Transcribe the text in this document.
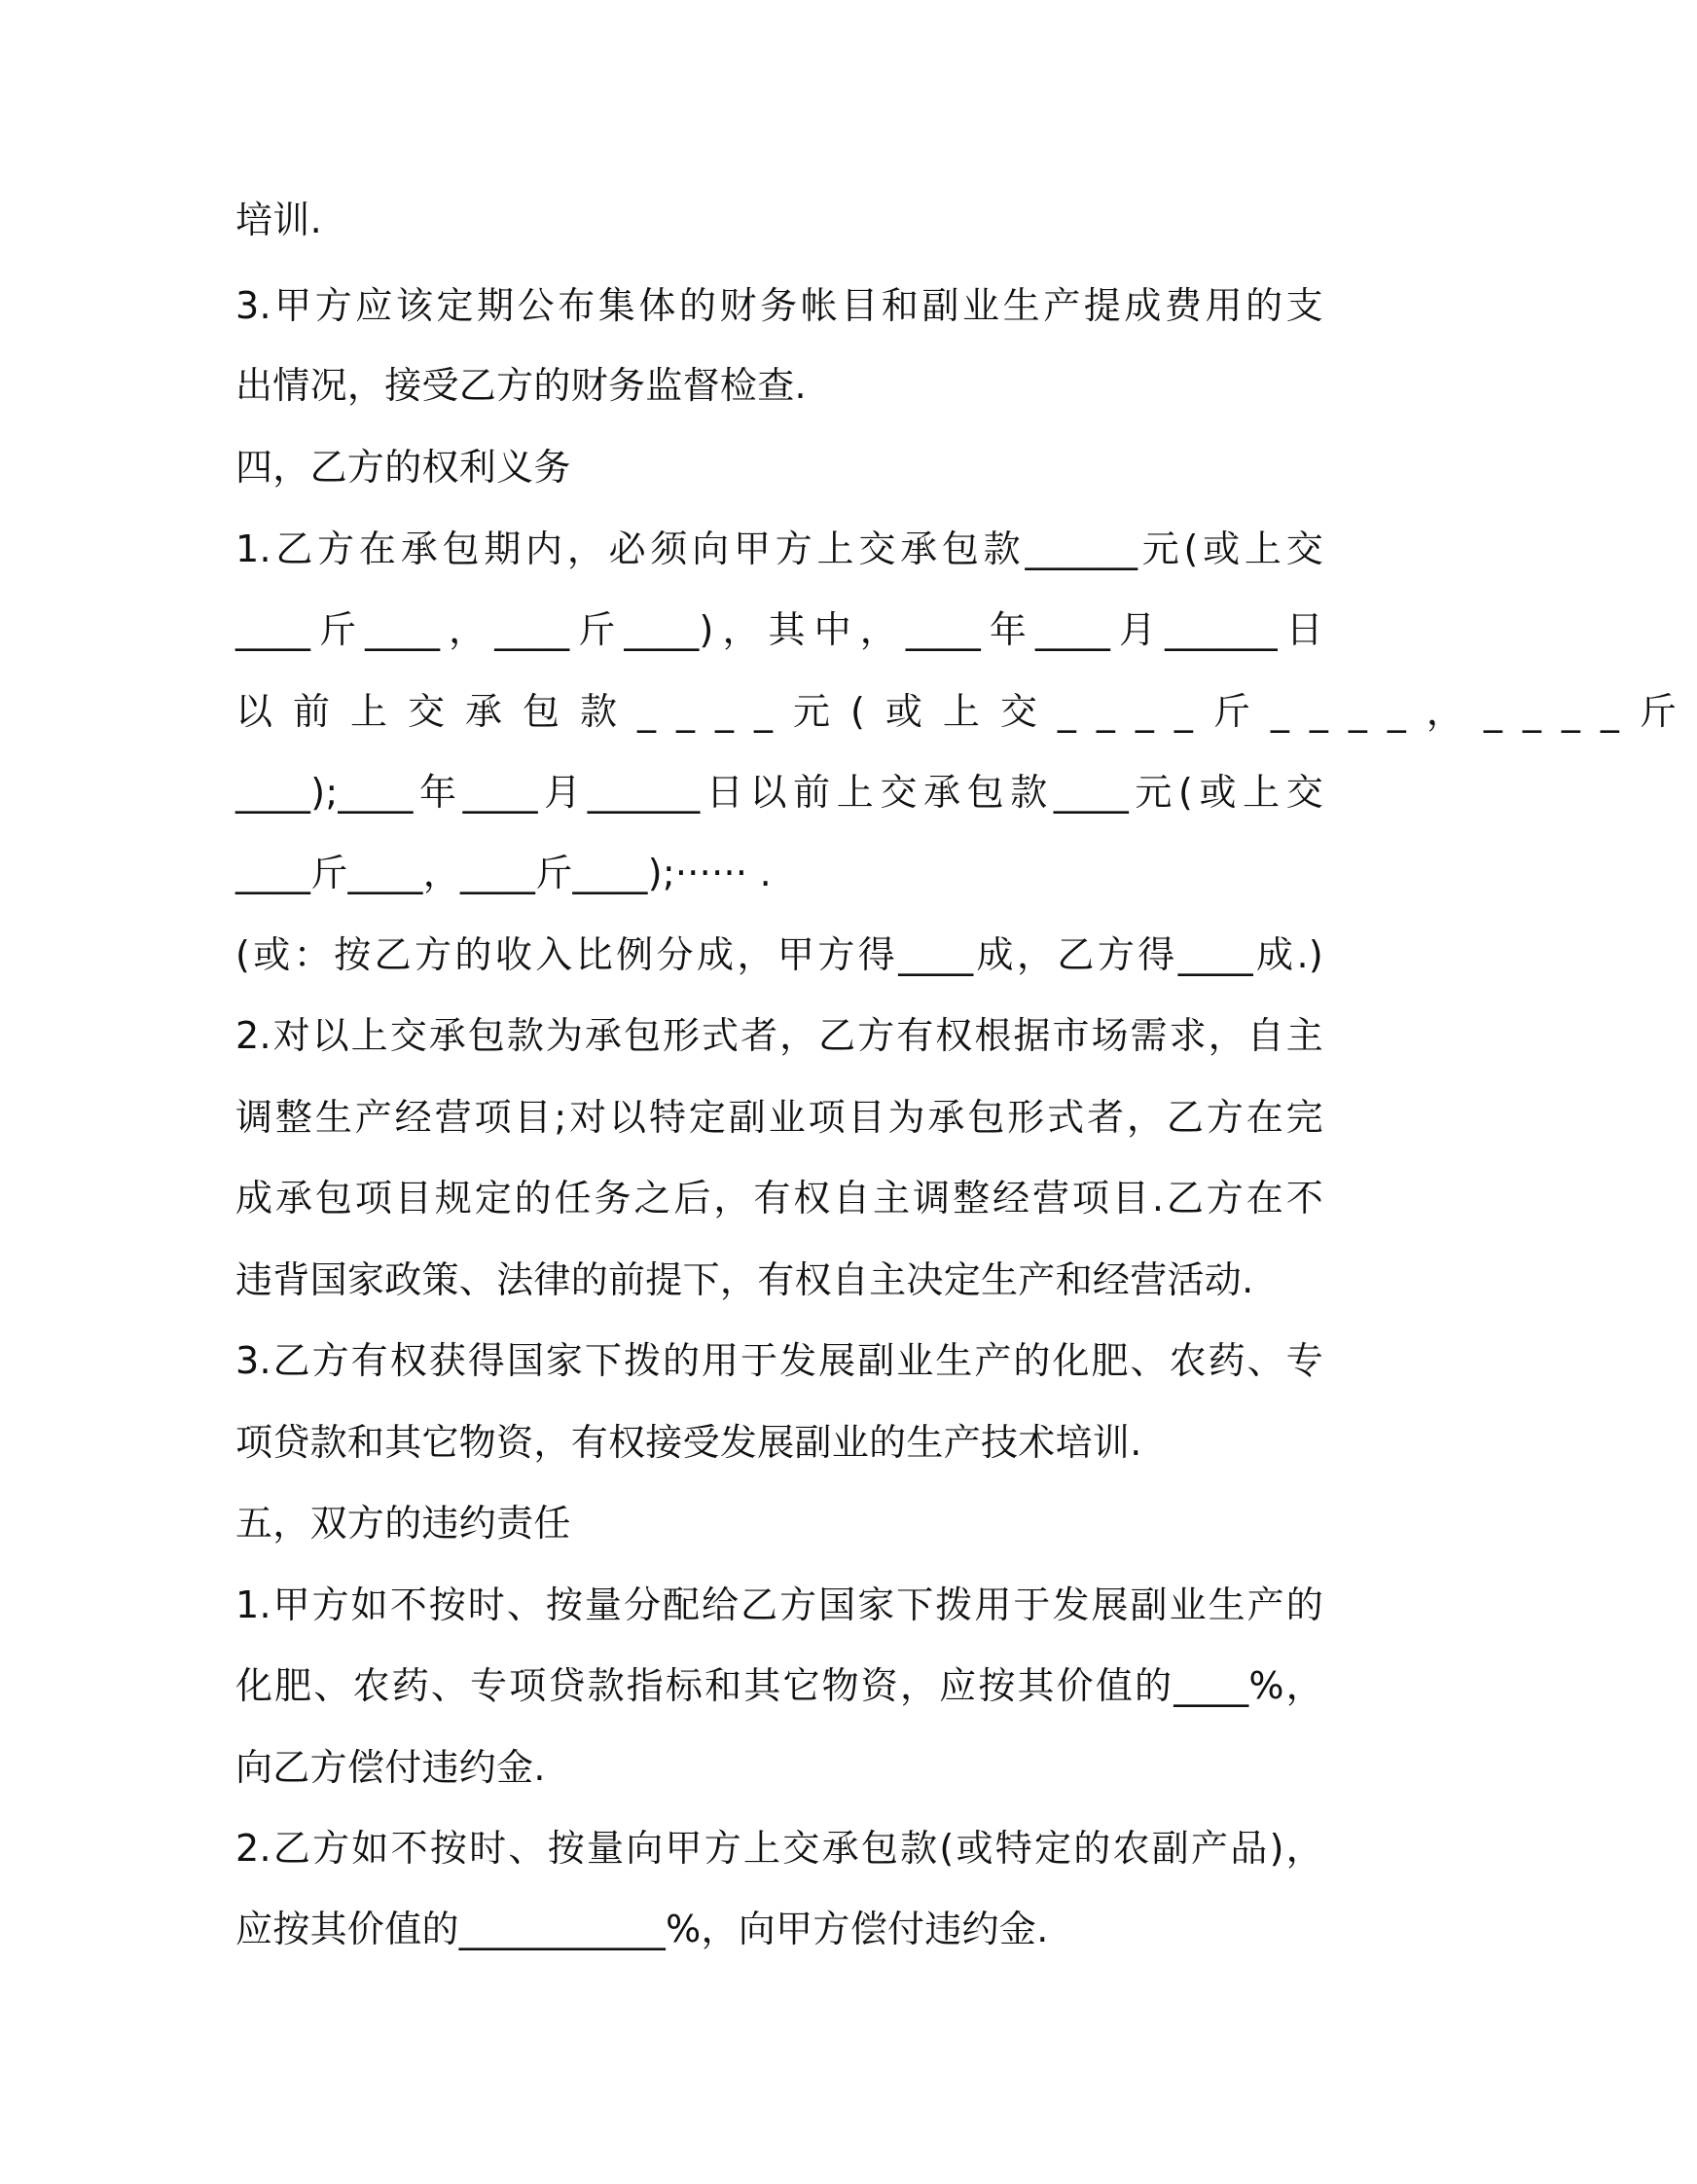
培训.
3.甲方应该定期公布集体的财务帐目和副业生产提成费用的支
出情况，接受乙方的财务监督检查.
四，乙方的权利义务
1.乙方在承包期内，必须向甲方上交承包款______元(或上交
____斤____，____斤____)，其中，____年____月______日
以前上交承包款____元(或上交____斤____，____斤
____);____年____月______日以前上交承包款____元(或上交
____斤____，____斤____);······ .
(或：按乙方的收入比例分成，甲方得____成，乙方得____成.)
2.对以上交承包款为承包形式者，乙方有权根据市场需求，自主
调整生产经营项目;对以特定副业项目为承包形式者，乙方在完
成承包项目规定的任务之后，有权自主调整经营项目.乙方在不
违背国家政策、法律的前提下，有权自主决定生产和经营活动.
3.乙方有权获得国家下拨的用于发展副业生产的化肥、农药、专
项贷款和其它物资，有权接受发展副业的生产技术培训.
五，双方的违约责任
1.甲方如不按时、按量分配给乙方国家下拨用于发展副业生产的
化肥、农药、专项贷款指标和其它物资，应按其价值的____%，
向乙方偿付违约金.
2.乙方如不按时、按量向甲方上交承包款(或特定的农副产品)，
应按其价值的___________%，向甲方偿付违约金.
